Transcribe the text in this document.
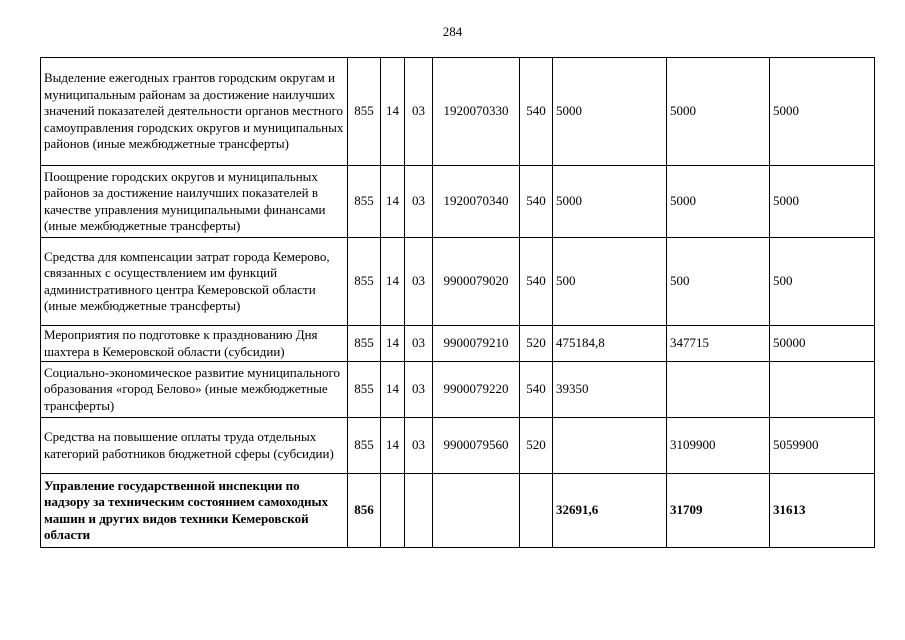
284
Выделение ежегодных грантов городским округам и муниципальным районам за достижение наилучших значений показателей деятельности органов местного самоуправления городских округов и муниципальных районов (иные межбюджетные трансферты)	855	14	03	1920070330	540	5000	5000	5000
Поощрение городских округов и муниципальных районов за достижение наилучших показателей в качестве управления муниципальными финансами (иные межбюджетные трансферты)	855	14	03	1920070340	540	5000	5000	5000
Средства для компенсации затрат города Кемерово, связанных с осуществлением им функций административного центра Кемеровской области (иные межбюджетные трансферты)	855	14	03	9900079020	540	500	500	500
Мероприятия по подготовке к празднованию Дня шахтера в Кемеровской области (субсидии)	855	14	03	9900079210	520	475184,8	347715	50000
Социально-экономическое развитие муниципального образования «город Белово» (иные межбюджетные трансферты)	855	14	03	9900079220	540	39350		
Средства на повышение оплаты труда отдельных категорий работников бюджетной сферы (субсидии)	855	14	03	9900079560	520		3109900	5059900
Управление государственной инспекции по надзору за техническим состоянием самоходных машин и других видов техники Кемеровской области	856					32691,6	31709	31613
